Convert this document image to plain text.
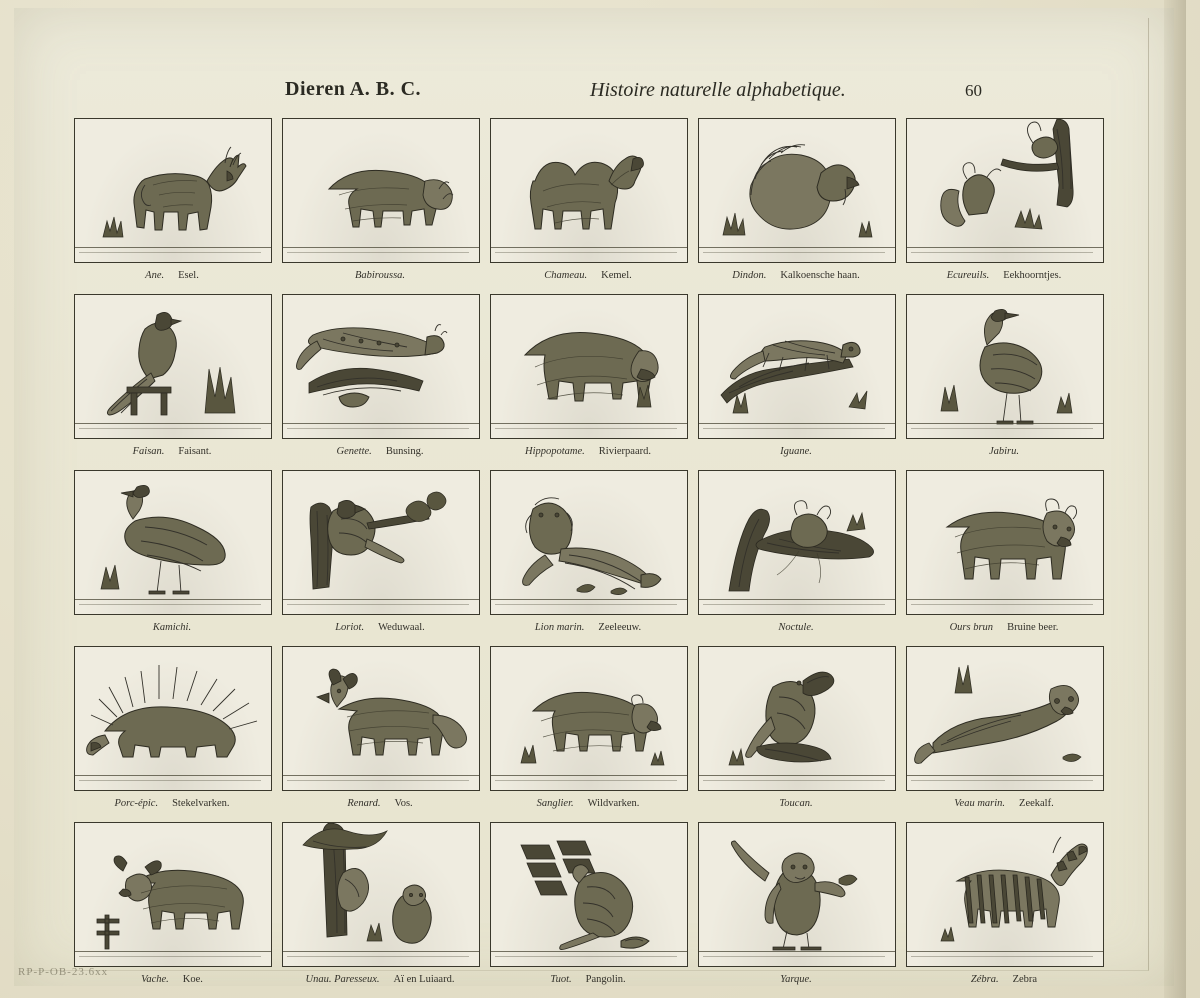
Dieren A. B. C.	Histoire naturelle alphabetique.	60
Ane. Esel.	Babiroussa.	Chameau. Kemel.	Dindon. Kalkoensche haan.	Ecureuils. Eekhoorntjes.
Faisan. Faisant.	Genette. Bunsing.	Hippopotame. Rivierpaard.	Iguane.	Jabiru.
Kamichi.	Loriot. Weduwaal.	Lion marin. Zeeleeuw.	Noctule.	Ours brun Bruine beer.
Porc-épic. Stekelvarken.	Renard. Vos.	Sanglier. Wildvarken.	Toucan.	Veau marin. Zeekalf.
Vache. Koe.	Unau. Paresseux. Aï en Luiaard.	Tuot. Pangolin.	Yarque.	Zébra. Zebra
RP-P-OB-23.6xx
